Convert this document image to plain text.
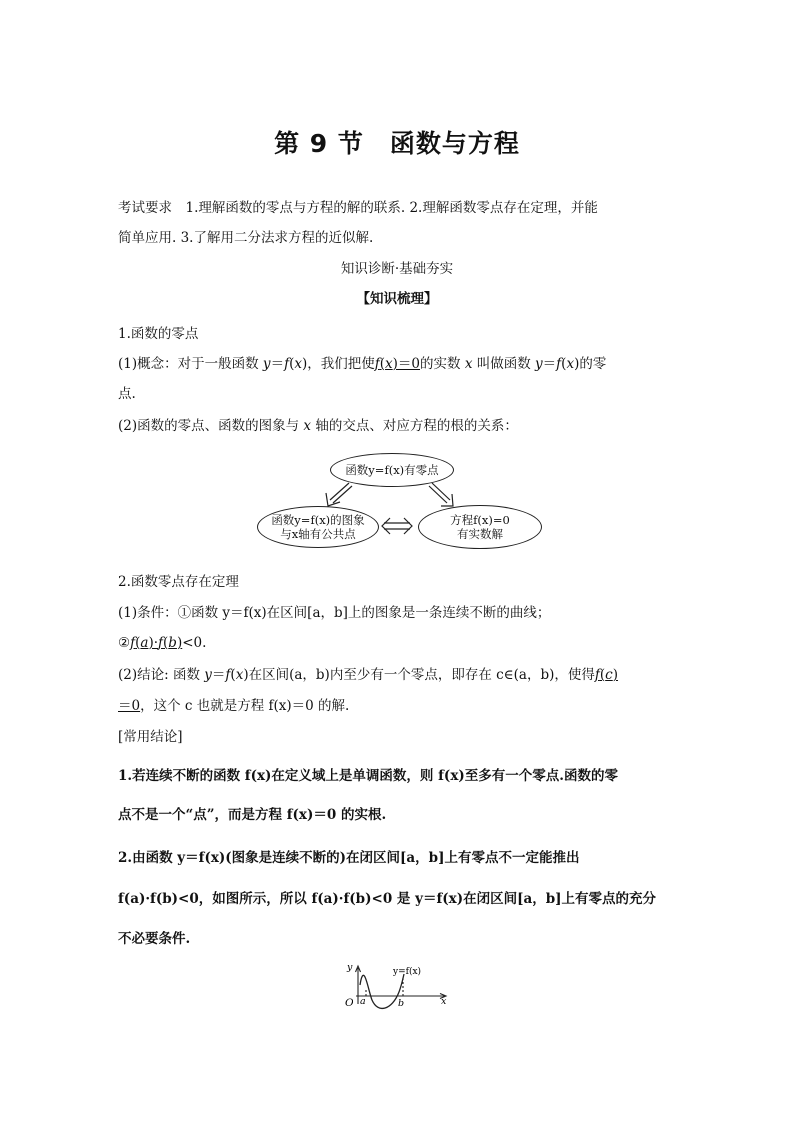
第 9 节　函数与方程
考试要求　 1.理解函数的零点与方程的解的联系. 2.理解函数零点存在定理，并能
简单应用. 3.了解用二分法求方程的近似解.
知识诊断·基础夯实
【知识梳理】
1.函数的零点
(1)概念：对于一般函数 y＝f(x)，我们把使f(x)＝0的实数 x 叫做函数 y＝f(x)的零
点.
(2)函数的零点、函数的图象与 x 轴的交点、对应方程的根的关系：
函数y=f(x)有零点
函数y=f(x)的图象
与x轴有公共点
方程f(x)=0
有实数解
2.函数零点存在定理
(1)条件：①函数 y＝f(x)在区间[a，b]上的图象是一条连续不断的曲线；
②f(a)·f(b)<0.
(2)结论: 函数 y＝f(x)在区间(a，b)内至少有一个零点，即存在 c∈(a，b)，使得f(c)
＝0，这个 c 也就是方程 f(x)＝0 的解.
[常用结论]
1.若连续不断的函数 f(x)在定义域上是单调函数，则 f(x)至多有一个零点.函数的零
点不是一个“点”，而是方程 f(x)＝0 的实根.
2.由函数 y＝f(x)(图象是连续不断的)在闭区间[a，b]上有零点不一定能推出
f(a)·f(b)<0，如图所示，所以 f(a)·f(b)<0 是 y＝f(x)在闭区间[a，b]上有零点的充分
不必要条件.
y
x
O a	b
y=f(x)
